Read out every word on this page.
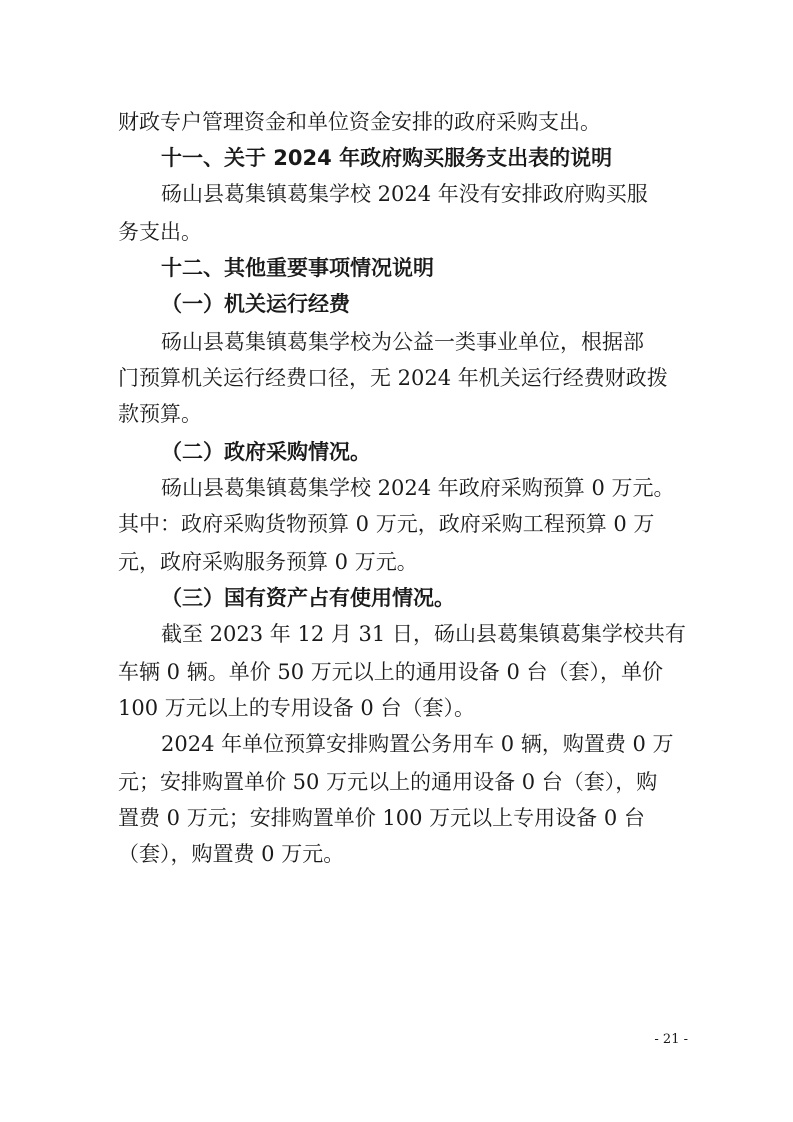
财政专户管理资金和单位资金安排的政府采购支出。
十一、关于 2024 年政府购买服务支出表的说明
砀山县葛集镇葛集学校 2024 年没有安排政府购买服
务支出。
十二、其他重要事项情况说明
（一）机关运行经费
砀山县葛集镇葛集学校为公益一类事业单位，根据部
门预算机关运行经费口径，无 2024 年机关运行经费财政拨
款预算。
（二）政府采购情况。
砀山县葛集镇葛集学校 2024 年政府采购预算 0 万元。
其中：政府采购货物预算 0 万元，政府采购工程预算 0 万
元，政府采购服务预算 0 万元。
（三）国有资产占有使用情况。
截至 2023 年 12 月 31 日，砀山县葛集镇葛集学校共有
车辆 0 辆。单价 50 万元以上的通用设备 0 台（套），单价
100 万元以上的专用设备 0 台（套）。
2024 年单位预算安排购置公务用车 0 辆，购置费 0 万
元；安排购置单价 50 万元以上的通用设备 0 台（套），购
置费 0 万元；安排购置单价 100 万元以上专用设备 0 台
（套），购置费 0 万元。
- 21 -
